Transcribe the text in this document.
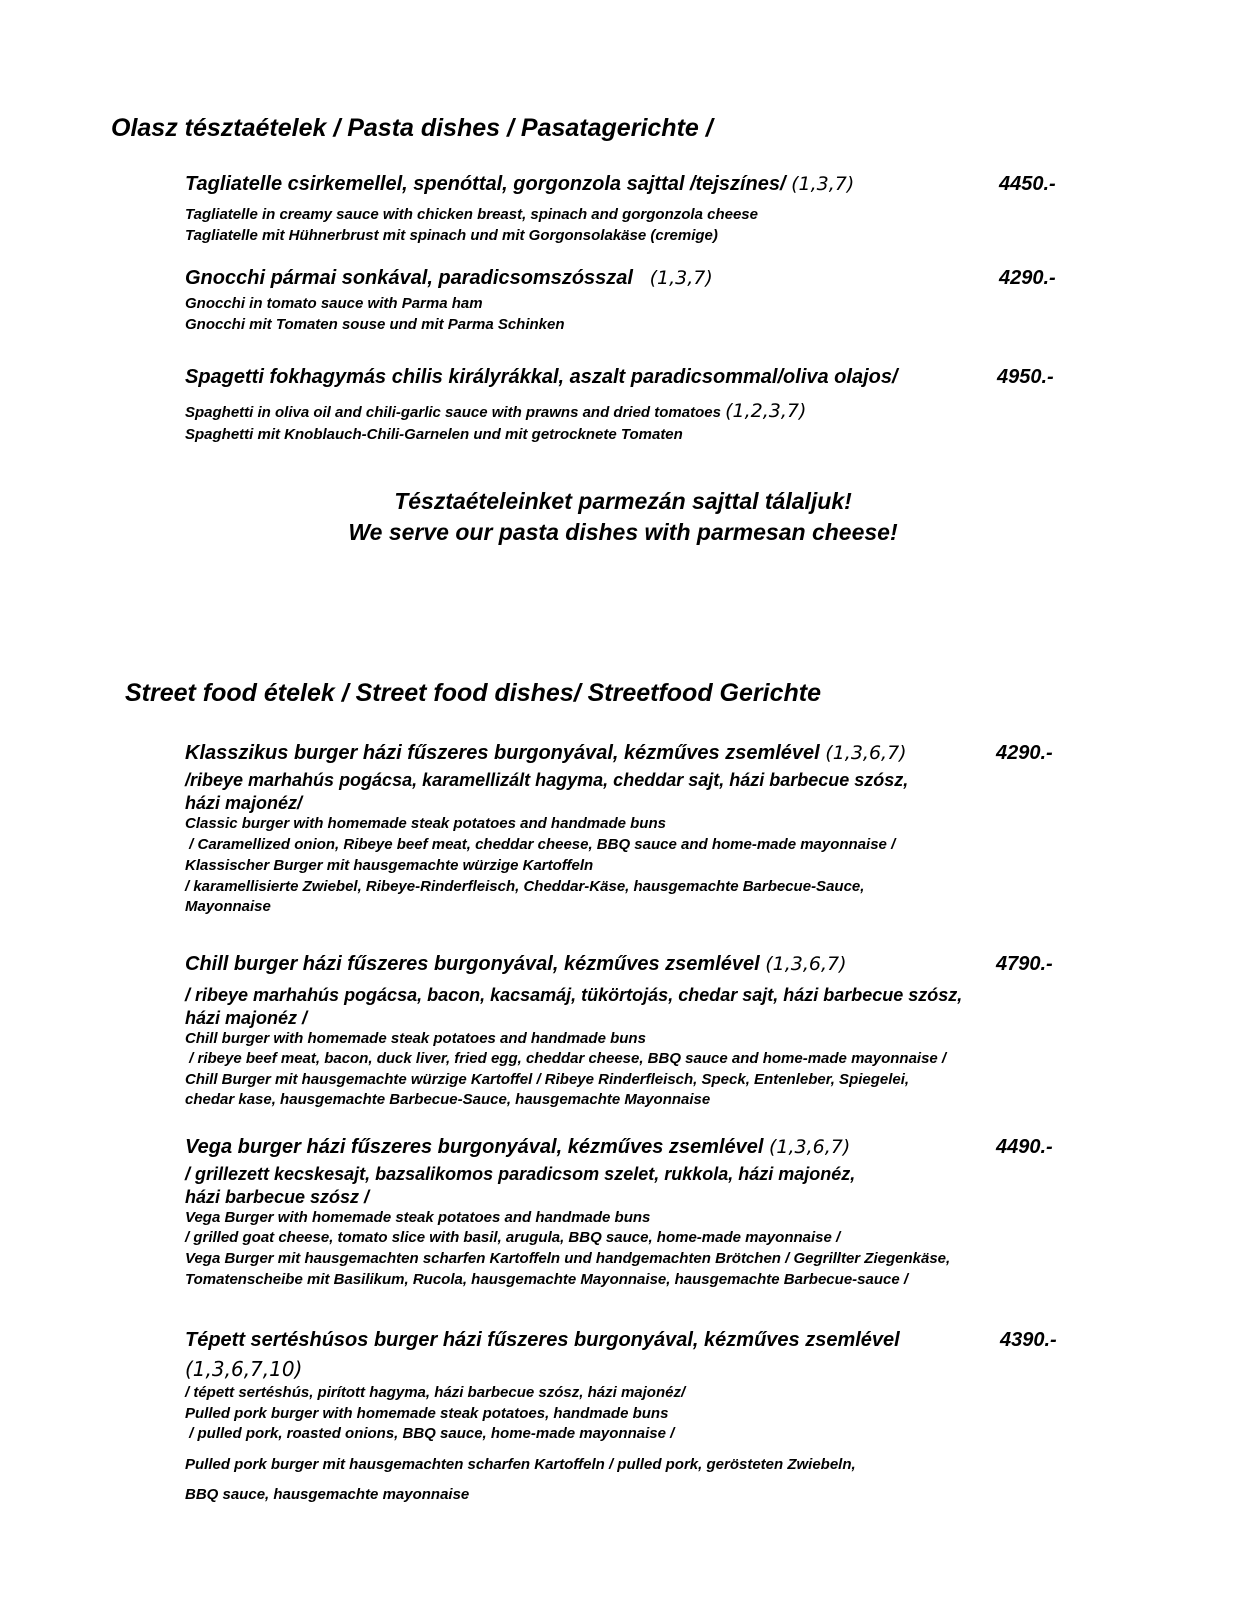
Olasz tésztaételek / Pasta dishes / Pasatagerichte /
Tagliatelle csirkemellel, spenóttal, gorgonzola sajttal /tejszínes/ (1,3,7)	4450.-
Tagliatelle in creamy sauce with chicken breast, spinach and gorgonzola cheese
Tagliatelle mit Hühnerbrust mit spinach und mit Gorgonsolakäse (cremige)
Gnocchi pármai sonkával, paradicsomszósszal (1,3,7)	4290.-
Gnocchi in tomato sauce with Parma ham
Gnocchi mit Tomaten souse und mit Parma Schinken
Spagetti fokhagymás chilis királyrákkal, aszalt paradicsommal/oliva olajos/	4950.-
Spaghetti in oliva oil and chili-garlic sauce with prawns and dried tomatoes (1,2,3,7)
Spaghetti mit Knoblauch-Chili-Garnelen und mit getrocknete Tomaten
Tésztaételeinket parmezán sajttal tálaljuk!
We serve our pasta dishes with parmesan cheese!
Street food ételek / Street food dishes/ Streetfood Gerichte
Klasszikus burger házi fűszeres burgonyával, kézműves zsemlével (1,3,6,7)	4290.-
/ribeye marhahús pogácsa, karamellizált hagyma, cheddar sajt, házi barbecue szósz,
házi majonéz/
Classic burger with homemade steak potatoes and handmade buns
/ Caramellized onion, Ribeye beef meat, cheddar cheese, BBQ sauce and home-made mayonnaise /
Klassischer Burger mit hausgemachte würzige Kartoffeln
/ karamellisierte Zwiebel, Ribeye-Rinderfleisch, Cheddar-Käse, hausgemachte Barbecue-Sauce,
Mayonnaise
Chill burger házi fűszeres burgonyával, kézműves zsemlével (1,3,6,7)	4790.-
/ ribeye marhahús pogácsa, bacon, kacsamáj, tükörtojás, chedar sajt, házi barbecue szósz,
házi majonéz /
Chill burger with homemade steak potatoes and handmade buns
/ ribeye beef meat, bacon, duck liver, fried egg, cheddar cheese, BBQ sauce and home-made mayonnaise /
Chill Burger mit hausgemachte würzige Kartoffel / Ribeye Rinderfleisch, Speck, Entenleber, Spiegelei,
chedar kase, hausgemachte Barbecue-Sauce, hausgemachte Mayonnaise
Vega burger házi fűszeres burgonyával, kézműves zsemlével (1,3,6,7)	4490.-
/ grillezett kecskesajt, bazsalikomos paradicsom szelet, rukkola, házi majonéz,
házi barbecue szósz /
Vega Burger with homemade steak potatoes and handmade buns
/ grilled goat cheese, tomato slice with basil, arugula, BBQ sauce, home-made mayonnaise /
Vega Burger mit hausgemachten scharfen Kartoffeln und handgemachten Brötchen / Gegrillter Ziegenkäse,
Tomatenscheibe mit Basilikum, Rucola, hausgemachte Mayonnaise, hausgemachte Barbecue-sauce /
Tépett sertéshúsos burger házi fűszeres burgonyával, kézműves zsemlével	4390.-
(1,3,6,7,10)
/ tépett sertéshús, pirított hagyma, házi barbecue szósz, házi majonéz/
Pulled pork burger with homemade steak potatoes, handmade buns
/ pulled pork, roasted onions, BBQ sauce, home-made mayonnaise /
Pulled pork burger mit hausgemachten scharfen Kartoffeln / pulled pork, gerösteten Zwiebeln,
BBQ sauce, hausgemachte mayonnaise
